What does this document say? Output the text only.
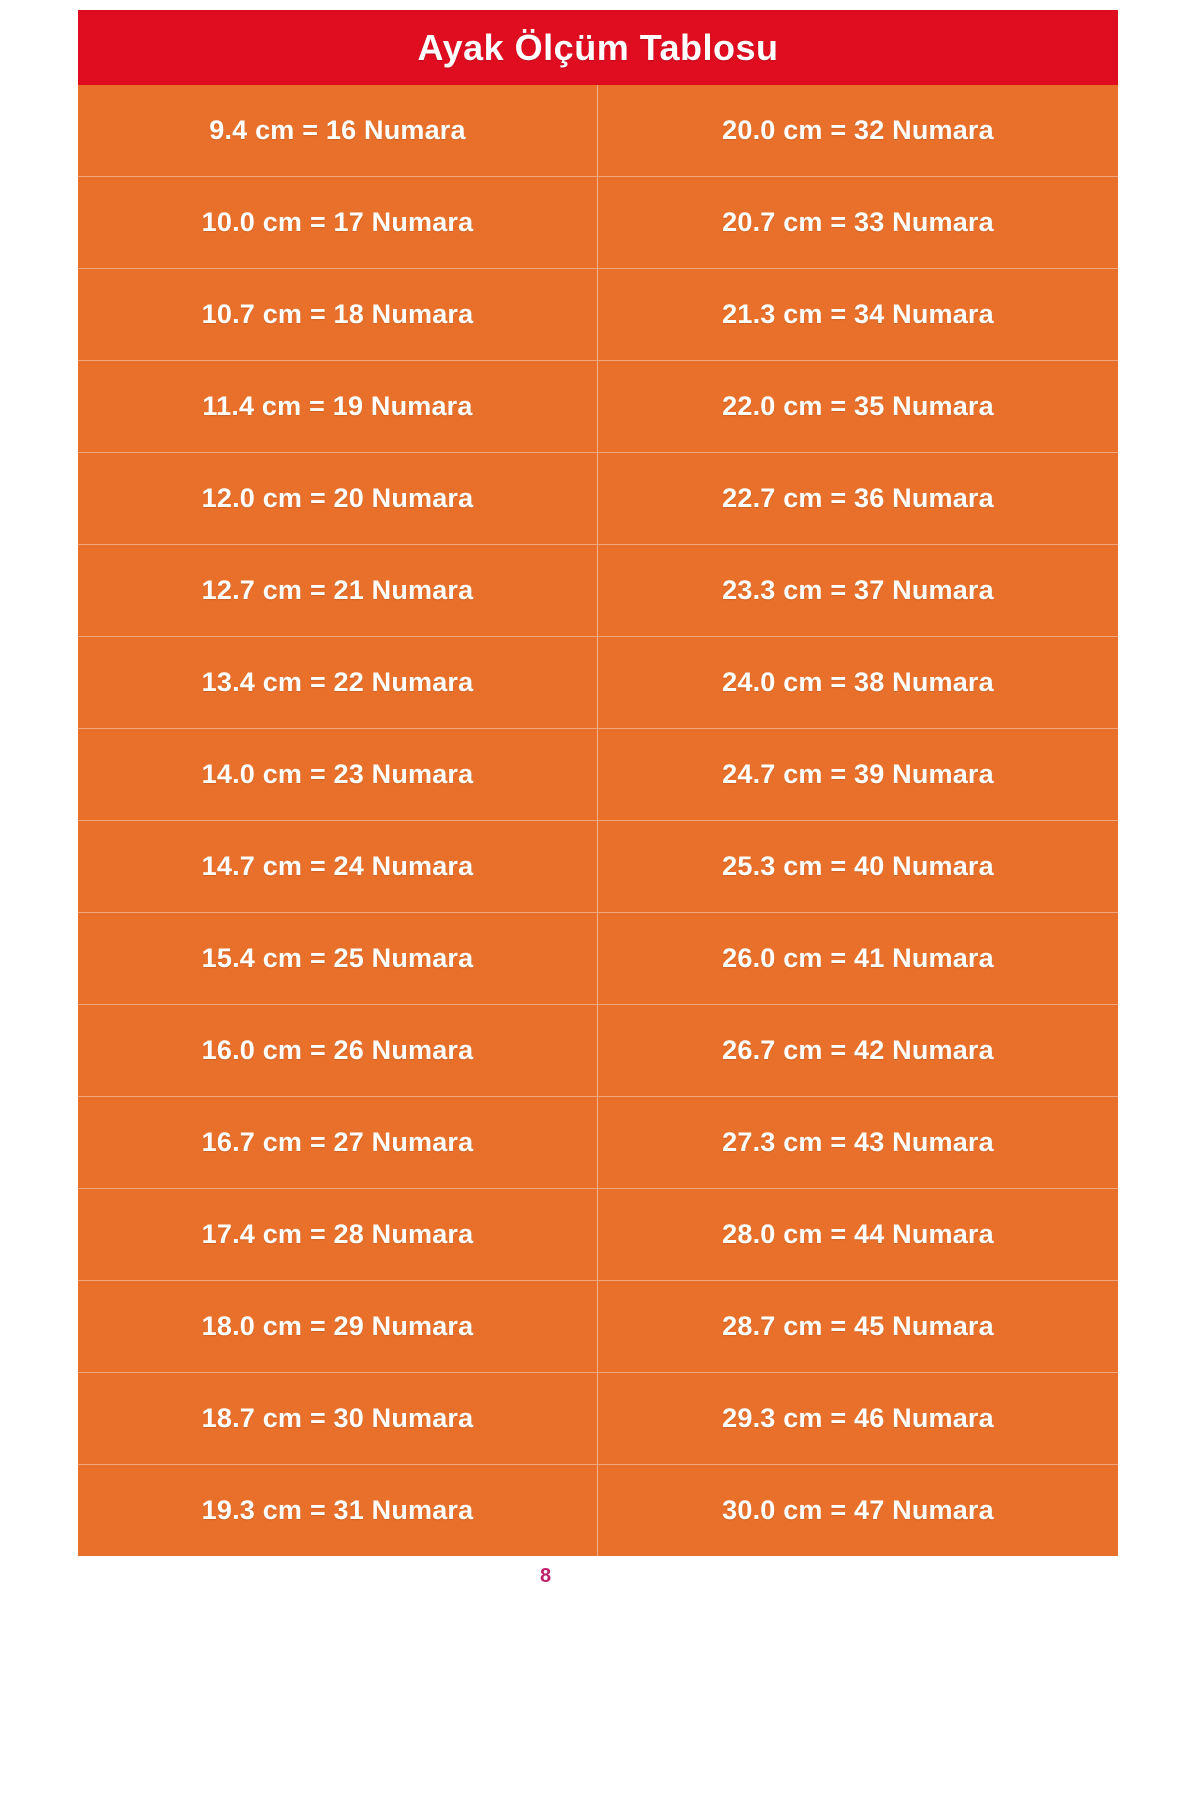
Ayak Ölçüm Tablosu
9.4 cm = 16 Numara	20.0 cm = 32 Numara
10.0 cm = 17 Numara	20.7 cm = 33 Numara
10.7 cm = 18 Numara	21.3 cm = 34 Numara
11.4 cm = 19 Numara	22.0 cm = 35 Numara
12.0 cm = 20 Numara	22.7 cm = 36 Numara
12.7 cm = 21 Numara	23.3 cm = 37 Numara
13.4 cm = 22 Numara	24.0 cm = 38 Numara
14.0 cm = 23 Numara	24.7 cm = 39 Numara
14.7 cm = 24 Numara	25.3 cm = 40 Numara
15.4 cm = 25 Numara	26.0 cm = 41 Numara
16.0 cm = 26 Numara	26.7 cm = 42 Numara
16.7 cm = 27 Numara	27.3 cm = 43 Numara
17.4 cm = 28 Numara	28.0 cm = 44 Numara
18.0 cm = 29 Numara	28.7 cm = 45 Numara
18.7 cm = 30 Numara	29.3 cm = 46 Numara
19.3 cm = 31 Numara	30.0 cm = 47 Numara
8
